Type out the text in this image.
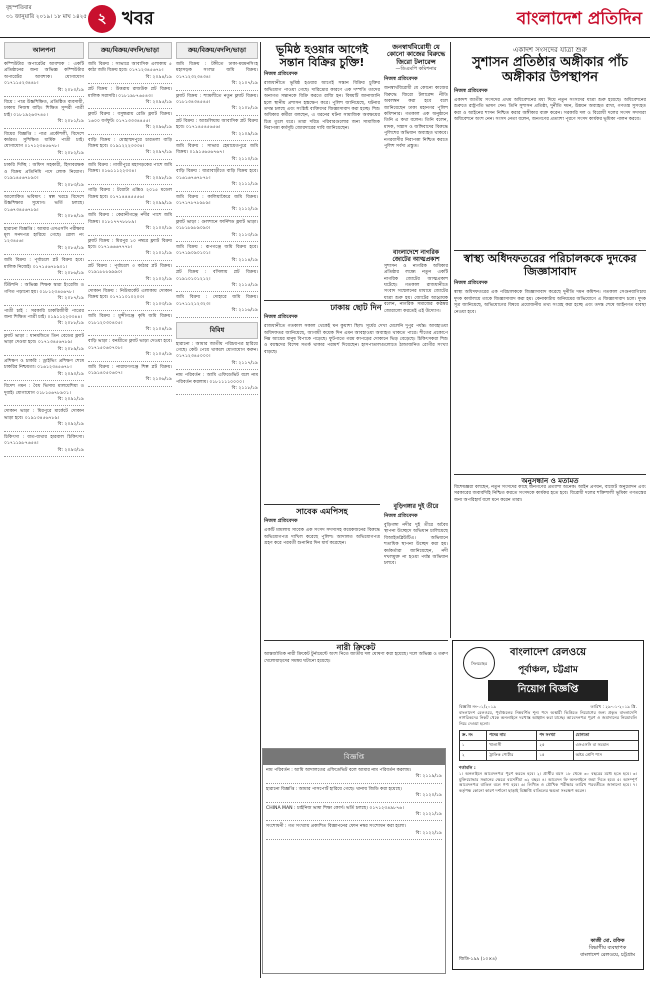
বৃহস্পতিবার
৩১ জানুয়ারি ২০১৯। ১৮ মাঘ ১৪২৫ ২ খবর	বাংলাদেশ প্রতিদিন
আলপনা
কম্পিউটার অপারেটর আবশ্যক : একটি প্রতিষ্ঠানের জন্য অভিজ্ঞ কম্পিউটার অপারেটর আবশ্যক। যোগাযোগ ০১৭১১৫২৩৪৪৮।
বি: ২০৮০/১৯
বিয়ে : পাত্র উচ্চশিক্ষিত, প্রতিষ্ঠিত ব্যবসায়ী, ঢাকায় নিজস্ব বাড়ি। শিক্ষিত সুন্দরী পাত্রী চাই। ০১৮১৯২৬৩৭৪৫।
বি: ২০৮১/১৯
বিয়ের বিজ্ঞপ্তি : পাত্র প্রকৌশলী, বিদেশে কর্মরত। সুশিক্ষিত ধার্মিক পাত্রী চাই। যোগাযোগ ০১৭১২৩৪৫৬৭৮।
বি: ২০৮২/১৯
চাকরি দিচ্ছি : অফিস সহকারী, হিসাবরক্ষক ও বিক্রয় প্রতিনিধি পদে লোক নিয়োগ। ০১৯১৪৫৬৭৮৯০।
বি: ২০৮৩/১৯
আলোকিত ভবিষ্যৎ : স্বল্প খরচে বিদেশে উচ্চশিক্ষার সুযোগ। ভর্তি চলছে। ০১৬৭৩৪৫৬৭৮৯।
বি: ২০৮৪/১৯
হারানো বিজ্ঞপ্তি : আমার এসএসসি পরীক্ষার মূল সনদপত্র হারিয়ে গেছে। রোল নং ১২৩৪৫৬।
বি: ২০৮৫/১৯
জমি বিক্রয় : পূর্বাচলে প্লট বিক্রয় হবে। মালিক নিজেই। ০১৭১৫৬৭৮৯০১।
বি: ২০৮৬/১৯
টিউশনি : অভিজ্ঞ শিক্ষক দ্বারা ইংরেজি ও গণিত পড়ানো হয়। ০১৮১২৩৪৫৬৭৮।
বি: ২০৮৭/১৯
পাত্রী চাই : সরকারি চাকরিজীবী পাত্রের জন্য শিক্ষিত পাত্রী চাই। ০১৯১১২২৩৩৪৪।
বি: ২০৮৮/১৯
ফ্ল্যাট ভাড়া : ধানমন্ডিতে তিন বেডের ফ্ল্যাট ভাড়া দেওয়া হবে। ০১৭১৩৪৫৬৭৮৯।
বি: ২০৮৯/১৯
প্রশিক্ষণ ও চাকরি : ড্রাইভিং প্রশিক্ষণ শেষে চাকরির নিশ্চয়তা। ০১৬১২৩৪৫৬৭৮।
বি: ২০৯০/১৯
বিদেশ গমন : বৈধ ভিসায় মালয়েশিয়া ও দুবাই। যোগাযোগ ০১৮১৫৬৭৮৯০১।
বি: ২০৯১/১৯
দোকান ভাড়া : মিরপুরে মার্কেটে দোকান ভাড়া হবে। ০১৯১৩৪৫৬৭৮৯।
বি: ২০৯২/১৯
চিকিৎসা : বাত-ব্যথার হারবাল চিকিৎসা। ০১৭১১৯৮৭৬৫৪।
বি: ২০৯৩/১৯
ক্রয়/বিক্রয়/বদলি/ভাড়া
জমি বিক্রয় : সাভারে আবাসিক এলাকায় ৫ কাঠা জমি বিক্রয় হবে। ০১৭১২৩৪৫৬৭৮।
বি: ২০৯৪/১৯
প্লট বিক্রয় : উত্তরায় রাজউক প্লট বিক্রয়। মালিক সরাসরি। ০১৮১৯৮৭৬৫৪৩।
বি: ২০৯৫/১৯
ফ্ল্যাট বিক্রয় : বসুন্ধরায় রেডি ফ্ল্যাট বিক্রয়। ১৬০০ বর্গফুট। ০১৭১৩৩৩৪৪৫৫।
বি: ২০৯৬/১৯
বাড়ি বিক্রয় : মোহাম্মদপুরে চারতলা বাড়ি বিক্রয় হবে। ০১৯১২২২৩৩৩৪।
বি: ২০৯৭/১৯
জমি বিক্রয় : গাজীপুরে মহাসড়কের পাশে জমি বিক্রয়। ০১৬১১১২২৩৩৪।
বি: ২০৯৮/১৯
গাড়ি বিক্রয় : টয়োটা এক্সিও ২০১৫ মডেল বিক্রয় হবে। ০১৭১৪৪৪৫৫৫৬।
বি: ২০৯৯/১৯
জমি বিক্রয় : কেরানীগঞ্জে নদীর পাশে জমি বিক্রয়। ০১৮১৭৭৭৮৮৮৯।
বি: ২১০০/১৯
ফ্ল্যাট বিক্রয় : মিরপুর ১০ নম্বরে ফ্ল্যাট বিক্রয় হবে। ০১৭১৬৬৬৭৭৭৮।
বি: ২১০১/১৯
প্লট বিক্রয় : পূর্বাচলে ৩ কাঠার প্লট বিক্রয়। ০১৯১৮৮৮৯৯৯০।
বি: ২১০২/১৯
দোকান বিক্রয় : নিউমার্কেট এলাকায় দোকান বিক্রয় হবে। ০১৭১১০১০২০৩।
বি: ২১০৩/১৯
জমি বিক্রয় : মুন্সীগঞ্জে কৃষি জমি বিক্রয়। ০১৮১২০৩০৪০৫।
বি: ২১০৪/১৯
বাড়ি ভাড়া : বনশ্রীতে ফ্ল্যাট ভাড়া দেওয়া হবে। ০১৭১৫০৬০৭০৮।
বি: ২১০৫/১৯
জমি বিক্রয় : নারায়ণগঞ্জে শিল্প প্লট বিক্রয়। ০১৯১৪০৫০৬০৭।
বি: ২১০৬/১৯
ক্রয়/বিক্রয়/বদলি/ভাড়া
জমি বিক্রয় : টঙ্গীতে ঢাকা-ময়মনসিংহ মহাসড়ক সংলগ্ন জমি বিক্রয়। ০১৭১২৩২৩৪৩৪।
বি: ২১০৭/১৯
ফ্ল্যাট বিক্রয় : শ্যামলীতে নতুন ফ্ল্যাট বিক্রয়। ০১৮১৩৪৩৪৫৪৫।
বি: ২১০৮/১৯
প্লট বিক্রয় : আশুলিয়ায় আবাসিক প্লট বিক্রয় হবে। ০১৭১৪৫৪৫৬৫৬।
বি: ২১০৯/১৯
জমি বিক্রয় : সাভার হেমায়েতপুরে জমি বিক্রয়। ০১৯১৫৬৫৬৭৬৭।
বি: ২১১০/১৯
বাড়ি বিক্রয় : যাত্রাবাড়ীতে বাড়ি বিক্রয় হবে। ০১৬১৬৭৬৭৮৭৮।
বি: ২১১১/১৯
জমি বিক্রয় : কালিয়াকৈরে জমি বিক্রয়। ০১৭১৭৮৭৮৯৮৯।
বি: ২১১২/১৯
ফ্ল্যাট ভাড়া : গুলশানে ফার্নিশড ফ্ল্যাট ভাড়া। ০১৮১৮৯৮৯০৯০।
বি: ২১১৩/১৯
জমি বিক্রয় : রূপগঞ্জে জমি বিক্রয় হবে। ০১৭১৯০৯০১০১।
বি: ২১১৪/১৯
প্লট বিক্রয় : বসিলায় প্লট বিক্রয়। ০১৯১০১০১২১২।
বি: ২১১৫/১৯
জমি বিক্রয় : দোহারে জমি বিক্রয়। ০১৭১১২১২৩২৩।
বি: ২১১৬/১৯
বিবিধ
হারানো : আমার জাতীয় পরিচয়পত্র হারিয়ে গেছে। কেউ পেয়ে থাকলে যোগাযোগ করুন। ০১৭১২৩৪৫০০০।
বি: ২১১৭/১৯
নাম পরিবর্তন : আমি এফিডেভিট বলে নাম পরিবর্তন করলাম। ০১৮১১১১০০০০।
বি: ২১১৮/১৯
ভূমিষ্ঠ হওয়ার আগেই সন্তান বিক্রির চুক্তি!
নিজস্ব প্রতিবেদক

রাজধানীতে ভূমিষ্ঠ হওয়ার আগেই সন্তান বিক্রির চুক্তির অভিযোগ পাওয়া গেছে। দারিদ্র্যের কারণে এক দম্পতি তাদের অনাগত সন্তানকে বিক্রি করতে রাজি হন। বিষয়টি জানাজানি হলে স্থানীয় প্রশাসন হস্তক্ষেপ করে। পুলিশ জানিয়েছে, ঘটনার তদন্ত চলছে এবং সংশ্লিষ্ট ব্যক্তিদের জিজ্ঞাসাবাদ করা হচ্ছে। শিশু অধিকার কর্মীরা বলছেন, এ ধরনের ঘটনা সামাজিক অবক্ষয়ের চিত্র তুলে ধরে। তারা দরিদ্র পরিবারগুলোর জন্য সামাজিক নিরাপত্তা কর্মসূচি জোরদারের দাবি জানিয়েছেন।

জনস্বার্থবিরোধী যে কোনো কাজের বিরুদ্ধে জিরো টলারেন্স
—ডিএমপি কমিশনার
নিজস্ব প্রতিবেদক

জনস্বার্থবিরোধী যে কোনো কাজের বিরুদ্ধে জিরো টলারেন্স নীতি অবলম্বন করা হবে বলে জানিয়েছেন ঢাকা মহানগর পুলিশ কমিশনার। গতকাল এক অনুষ্ঠানে তিনি এ কথা বলেন। তিনি বলেন, মাদক, সন্ত্রাস ও জঙ্গিবাদের বিরুদ্ধে পুলিশের অভিযান অব্যাহত থাকবে। নগরবাসীর নিরাপত্তা নিশ্চিত করতে পুলিশ সর্বদা প্রস্তুত।

একাদশ সংসদের যাত্রা শুরু
সুশাসন প্রতিষ্ঠার অঙ্গীকার পাঁচ অঙ্গীকার উপস্থাপন
নিজস্ব প্রতিবেদক

একাদশ জাতীয় সংসদের প্রথম অধিবেশনের মধ্য দিয়ে নতুন সংসদের যাত্রা শুরু হয়েছে। অধিবেশনের শুরুতে রাষ্ট্রপতি ভাষণ দেন। তিনি সুশাসন প্রতিষ্ঠা, দুর্নীতি দমন, উন্নয়ন অব্যাহত রাখা, গণতন্ত্র সুসংহত করা ও আইনের শাসন নিশ্চিত করার অঙ্গীকার ব্যক্ত করেন। সরকারি দল ও বিরোধী দলের সংসদ সদস্যরা অধিবেশনে অংশ নেন। সংসদ নেতা বলেন, জনগণের প্রত্যাশা পূরণে সংসদ কার্যকর ভূমিকা পালন করবে।

ঢাকায় ছোট দিন
নিজস্ব প্রতিবেদক

রাজধানীতে গতকাল সকাল থেকেই ঘন কুয়াশা ছিল। সূর্যের দেখা মেলেনি দুপুর পর্যন্ত। আবহাওয়া অধিদফতর জানিয়েছে, আগামী কয়েক দিন এমন আবহাওয়া অব্যাহত থাকতে পারে। শীতের প্রকোপে নিম্ন আয়ের মানুষ বিপাকে পড়েছে। ফুটপাতে গরম কাপড়ের দোকানে ভিড় বেড়েছে। চিকিৎসকরা শিশু ও বয়স্কদের বিশেষ সতর্ক থাকার পরামর্শ দিয়েছেন। হাসপাতালগুলোতে ঠান্ডাজনিত রোগীর সংখ্যা বাড়ছে।

বাংলাদেশে নাগরিক জোটের আত্মপ্রকাশ

সুশাসন ও নাগরিক অধিকার প্রতিষ্ঠার লক্ষ্যে নতুন একটি নাগরিক জোটের আত্মপ্রকাশ ঘটেছে। গতকাল রাজধানীতে সংবাদ সম্মেলনের মাধ্যমে জোটের যাত্রা শুরু হয়। জোটের আহ্বায়ক বলেন, নাগরিক সমাজের কণ্ঠস্বর জোরালো করতেই এই উদ্যোগ।

স্বাস্থ্য অধিদফতরের পরিচালককে দুদকের জিজ্ঞাসাবাদ
নিজস্ব প্রতিবেদক

স্বাস্থ্য অধিদফতরের এক পরিচালককে জিজ্ঞাসাবাদ করেছে দুর্নীতি দমন কমিশন। গতকাল সেগুনবাগিচায় দুদক কার্যালয়ে তাকে জিজ্ঞাসাবাদ করা হয়। কেনাকাটায় অনিয়মের অভিযোগে এ জিজ্ঞাসাবাদ চলে। দুদক সূত্র জানিয়েছে, অভিযোগের বিষয়ে প্রয়োজনীয় তথ্য সংগ্রহ করা হচ্ছে এবং তদন্ত শেষে আইনগত ব্যবস্থা নেওয়া হবে।

বুড়িগঙ্গার দুই তীরে
নিজস্ব প্রতিবেদক

বুড়িগঙ্গা নদীর দুই তীরে অবৈধ স্থাপনা উচ্ছেদে অভিযান চালিয়েছে বিআইডব্লিউটিএ। অভিযানে শতাধিক স্থাপনা উচ্ছেদ করা হয়। কর্মকর্তারা জানিয়েছেন, নদী দখলমুক্ত না হওয়া পর্যন্ত অভিযান চলবে।

অনুসন্ধান ও মতামত

বিশেষজ্ঞরা বলছেন, নতুন সংসদের কাছে জনগণের প্রত্যাশা অনেক। আইন প্রণয়ন, বাজেট অনুমোদন এবং সরকারের জবাবদিহি নিশ্চিত করতে সংসদকে কার্যকর হতে হবে। বিরোধী দলের শক্তিশালী ভূমিকা গণতন্ত্রের জন্য অপরিহার্য বলে মনে করেন তারা।

সাবেক এমপিসহ
নিজস্ব প্রতিবেদক

একটি মামলায় সাবেক এক সংসদ সদস্যসহ কয়েকজনের বিরুদ্ধে অভিযোগপত্র দাখিল করেছে পুলিশ। আদালত অভিযোগপত্র গ্রহণ করে পরবর্তী শুনানির দিন ধার্য করেছেন।

নারী ক্রিকেট

আন্তর্জাতিক নারী ক্রিকেট টুর্নামেন্টে অংশ নিতে জাতীয় দল ঘোষণা করা হয়েছে। দলে অভিজ্ঞ ও তরুণ খেলোয়াড়দের সমন্বয় ঘটানো হয়েছে।

বিজ্ঞপ্তি
নাম পরিবর্তন : আমি আদালতের এফিডেভিট বলে আমার নাম পরিবর্তন করলাম।
বি: ২১১৯/১৯
হারানো বিজ্ঞপ্তি : আমার পাসপোর্ট হারিয়ে গেছে। থানায় জিডি করা হয়েছে।
বি: ২১২০/১৯
CHINA MAN : চাইনিজ ভাষা শিক্ষা কোর্স। ভর্তি চলছে। ০১৭১২৩৪৯৮৭৬।
বি: ২১২১/১৯
সংশোধনী : গত সংখ্যায় প্রকাশিত বিজ্ঞাপনের ফোন নম্বর সংশোধন করা হলো।
বি: ২১২২/১৯
সিলমোহর
বাংলাদেশ রেলওয়ে
পূর্বাঞ্চল, চট্টগ্রাম
নিয়োগ বিজ্ঞপ্তি

বিজ্ঞপ্তি নং-০১/২০১৯	তারিখ : ২৯-০১-২০১৯ খ্রি.

বাংলাদেশ রেলওয়ে, পূর্বাঞ্চলের নিম্নবর্ণিত শূন্য পদে অস্থায়ী ভিত্তিতে নিয়োগের জন্য প্রকৃত বাংলাদেশি নাগরিকদের নিকট থেকে অনলাইনে দরখাস্ত আহ্বান করা যাচ্ছে। আবেদনপত্র পূরণ ও জমাদানের নিয়মাবলি নিচে দেওয়া হলো।

ক্র. নং	পদের নাম	পদ সংখ্যা	যোগ্যতা
১	খালাসী	২৫	এসএসসি বা সমমান
২	ট্রাফিক পোর্টার	১৫	অষ্টম শ্রেণি পাস

শর্তাবলি :

১। অনলাইনে আবেদনপত্র পূরণ করতে হবে। ২। প্রার্থীর বয়স ১৮ থেকে ৩০ বছরের মধ্যে হতে হবে। ৩। মুক্তিযোদ্ধার সন্তানের ক্ষেত্রে বয়সসীমা ৩২ বছর। ৪। আবেদন ফি অনলাইনে জমা দিতে হবে। ৫। অসম্পূর্ণ আবেদনপত্র বাতিল বলে গণ্য হবে। ৬। লিখিত ও মৌখিক পরীক্ষার তারিখ পরবর্তীতে জানানো হবে। ৭। কর্তৃপক্ষ কোনো কারণ দর্শানো ছাড়াই বিজ্ঞপ্তি বাতিলের ক্ষমতা সংরক্ষণ করেন।

কাজী মো. রফিক
বিভাগীয় ব্যবস্থাপক
বাংলাদেশ রেলওয়ে, চট্টগ্রাম
জিডি-১৯৯ (১০×৪)
